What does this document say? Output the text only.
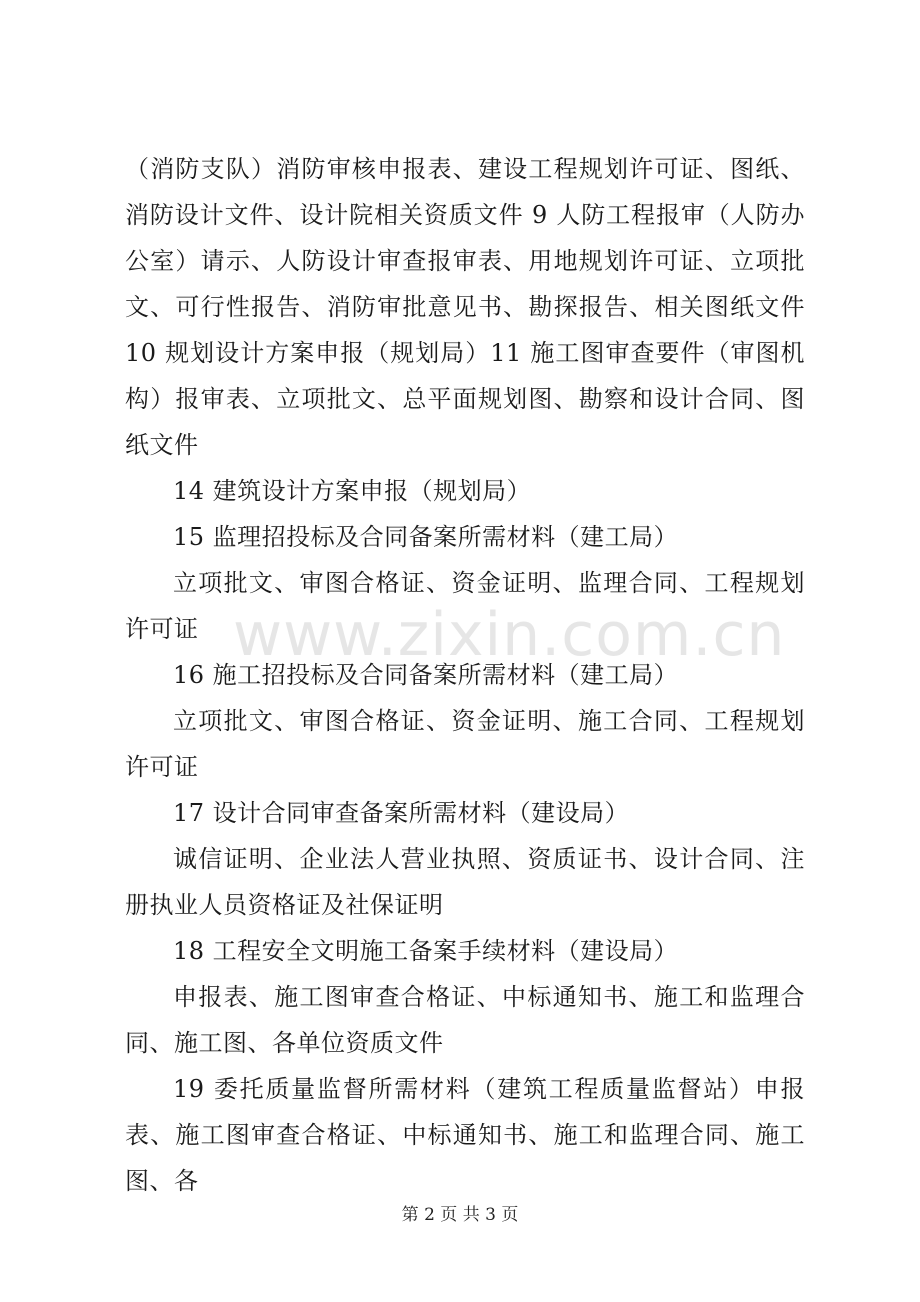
www.zixin.com.cn

（消防支队）消防审核申报表、建设工程规划许可证、图纸、消防设计文件、设计院相关资质文件 9 人防工程报审（人防办公室）请示、人防设计审查报审表、用地规划许可证、立项批文、可行性报告、消防审批意见书、勘探报告、相关图纸文件 10 规划设计方案申报（规划局）11 施工图审查要件（审图机构）报审表、立项批文、总平面规划图、勘察和设计合同、图纸文件

14 建筑设计方案申报（规划局）

15 监理招投标及合同备案所需材料（建工局）

立项批文、审图合格证、资金证明、监理合同、工程规划许可证

16 施工招投标及合同备案所需材料（建工局）

立项批文、审图合格证、资金证明、施工合同、工程规划许可证

17 设计合同审查备案所需材料（建设局）

诚信证明、企业法人营业执照、资质证书、设计合同、注册执业人员资格证及社保证明

18 工程安全文明施工备案手续材料（建设局）

申报表、施工图审查合格证、中标通知书、施工和监理合同、施工图、各单位资质文件

19 委托质量监督所需材料（建筑工程质量监督站）申报表、施工图审查合格证、中标通知书、施工和监理合同、施工图、各

第 2 页 共 3 页
